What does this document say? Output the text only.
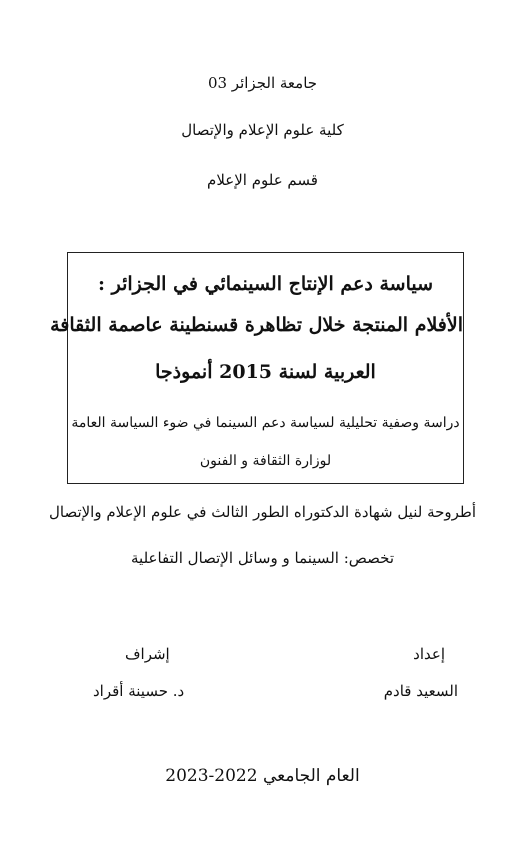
جامعة الجزائر 03
كلية علوم الإعلام والإتصال
قسم علوم الإعلام
سياسة دعم الإنتاج السينمائي في الجزائر :
الأفلام المنتجة خلال تظاهرة قسنطينة عاصمة الثقافة
العربية لسنة 2015 أنموذجا
دراسة وصفية تحليلية لسياسة دعم السينما في ضوء السياسة العامة
لوزارة الثقافة و الفنون
أطروحة لنيل شهادة الدكتوراه الطور الثالث في علوم الإعلام والإتصال
تخصص: السينما و وسائل الإتصال التفاعلية
إعداد
السعيد قادم
إشراف
د. حسينة أقراد
العام الجامعي 2022-2023
